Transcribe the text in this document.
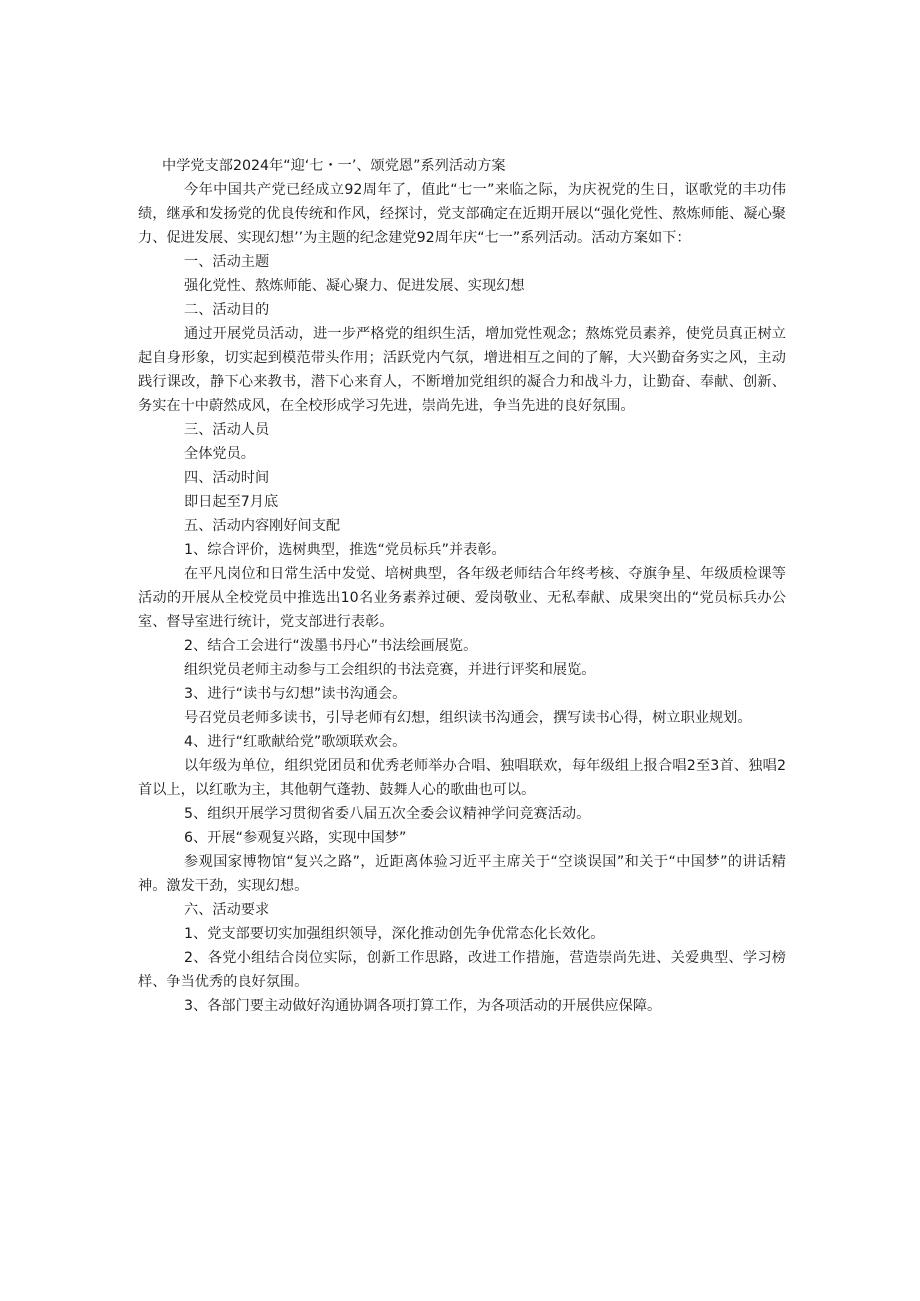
中学党支部2024年“迎‘七・一’、颂党恩”系列活动方案

今年中国共产党已经成立92周年了，值此“七一”来临之际，为庆祝党的生日，讴歌党的丰功伟绩，继承和发扬党的优良传统和作风，经探讨，党支部确定在近期开展以“强化党性、熬炼师能、凝心聚力、促进发展、实现幻想’’为主题的纪念建党92周年庆“七一”系列活动。活动方案如下：

一、活动主题

强化党性、熬炼师能、凝心聚力、促进发展、实现幻想

二、活动目的

通过开展党员活动，进一步严格党的组织生活，增加党性观念；熬炼党员素养，使党员真正树立起自身形象，切实起到模范带头作用；活跃党内气氛，增进相互之间的了解，大兴勤奋务实之风，主动践行课改，静下心来教书，潜下心来育人，不断增加党组织的凝合力和战斗力，让勤奋、奉献、创新、务实在十中蔚然成风，在全校形成学习先进，崇尚先进，争当先进的良好氛围。

三、活动人员

全体党员。

四、活动时间

即日起至7月底

五、活动内容刚好间支配

1、综合评价，选树典型，推选“党员标兵”并表彰。

在平凡岗位和日常生活中发觉、培树典型，各年级老师结合年终考核、夺旗争星、年级质检课等活动的开展从全校党员中推选出10名业务素养过硬、爱岗敬业、无私奉献、成果突出的“党员标兵办公室、督导室进行统计，党支部进行表彰。

2、结合工会进行“泼墨书丹心”书法绘画展览。

组织党员老师主动参与工会组织的书法竞赛，并进行评奖和展览。

3、进行“读书与幻想”读书沟通会。

号召党员老师多读书，引导老师有幻想，组织读书沟通会，撰写读书心得，树立职业规划。

4、进行“红歌献给党”歌颂联欢会。

以年级为单位，组织党团员和优秀老师举办合唱、独唱联欢，每年级组上报合唱2至3首、独唱2首以上，以红歌为主，其他朝气蓬勃、鼓舞人心的歌曲也可以。

5、组织开展学习贯彻省委八届五次全委会议精神学问竞赛活动。

6、开展“参观复兴路，实现中国梦”

参观国家博物馆“复兴之路”，近距离体验习近平主席关于“空谈误国”和关于“中国梦”的讲话精神。激发干劲，实现幻想。

六、活动要求

1、党支部要切实加强组织领导，深化推动创先争优常态化长效化。

2、各党小组结合岗位实际，创新工作思路，改进工作措施，营造崇尚先进、关爱典型、学习榜样、争当优秀的良好氛围。

3、各部门要主动做好沟通协调各项打算工作，为各项活动的开展供应保障。
